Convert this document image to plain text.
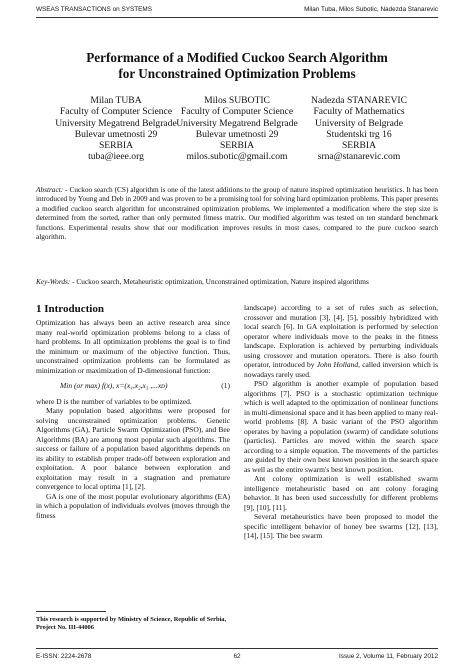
WSEAS TRANSACTIONS on SYSTEMS	Milan Tuba, Milos Subotic, Nadezda Stanarevic
Performance of a Modified Cuckoo Search Algorithm
for Unconstrained Optimization Problems
Milan TUBA
Faculty of Computer Science
University Megatrend Belgrade
Bulevar umetnosti 29
SERBIA
tuba@ieee.org
Milos SUBOTIC
Faculty of Computer Science
University Megatrend Belgrade
Bulevar umetnosti 29
SERBIA
milos.subotic@gmail.com
Nadezda STANAREVIC
Faculty of Mathematics
University of Belgrade
Studentski trg 16
SERBIA
srna@stanarevic.com
Abstract: - Cuckoo search (CS) algorithm is one of the latest additions to the group of nature inspired optimization heuristics. It has been introduced by Young and Deb in 2009 and was proven to be a promising tool for solving hard optimization problems. This paper presents a modified cuckoo search algorithm for unconstrained optimization problems. We implemented a modification where the step size is determined from the sorted, rather than only permuted fitness matrix. Our modified algorithm was tested on ten standard benchmark functions. Experimental results show that our modification improves results in most cases, compared to the pure cuckoo search algorithm.
Key-Words: - Cuckoo search, Metaheuristic optimization, Unconstrained optimization, Nature inspired algorithms
1 Introduction

Optimization has always been an active research area since many real-world optimization problems belong to a class of hard problems. In all optimization problems the goal is to find the minimum or maximum of the objective function. Thus, unconstrained optimization problems can be formulated as minimization or maximization of D-dimensional function:

Min (or max) f(x), x=(x₁,x₂,x₃ ,...xᴅ)	(1)

where D is the number of variables to be optimized.

Many population based algorithms were proposed for solving unconstrained optimization problems. Genetic Algorithms (GA), Particle Swarm Optimization (PSO), and Bee Algorithms (BA) are among most popular such algorithms. The success or failure of a population based algorithms depends on its ability to establish proper trade-off between exploration and exploitation. A poor balance between exploration and exploitation may result in a stagnation and premature convergence to local optima [1], [2].

GA is one of the most popular evolutionary algorithms (EA) in which a population of individuals evolves (moves through the fitness

landscape) according to a set of rules such as selection, crossover and mutation [3], [4], [5], possibly hybridized with local search [6]. In GA exploitation is performed by selection operator where individuals move to the peaks in the fitness landscape. Exploration is achieved by perturbing individuals using crossover and mutation operators. There is also fourth operator, introduced by John Holland, called inversion which is nowadays rarely used.

PSO algorithm is another example of population based algorithms [7]. PSO is a stochastic optimization technique which is well adapted to the optimization of nonlinear functions in multi-dimensional space and it has been applied to many real-world problems [8]. A basic variant of the PSO algorithm operates by having a population (swarm) of candidate solutions (particles). Particles are moved within the search space according to a simple equation. The movements of the particles are guided by their own best known position in the search space as well as the entire swarm's best known position.

Ant colony optimization is well established swarm intelligence metaheuristic based on ant colony foraging behavior. It has been used successfully for different problems [9], [10], [11].

Several metaheuristics have been proposed to model the specific intelligent behavior of honey bee swarms [12], [13], [14], [15]. The bee swarm

This research is supported by Ministry of Science, Republic of Serbia, Project No. III-44006
E-ISSN: 2224-2678	62	Issue 2, Volume 11, February 2012
